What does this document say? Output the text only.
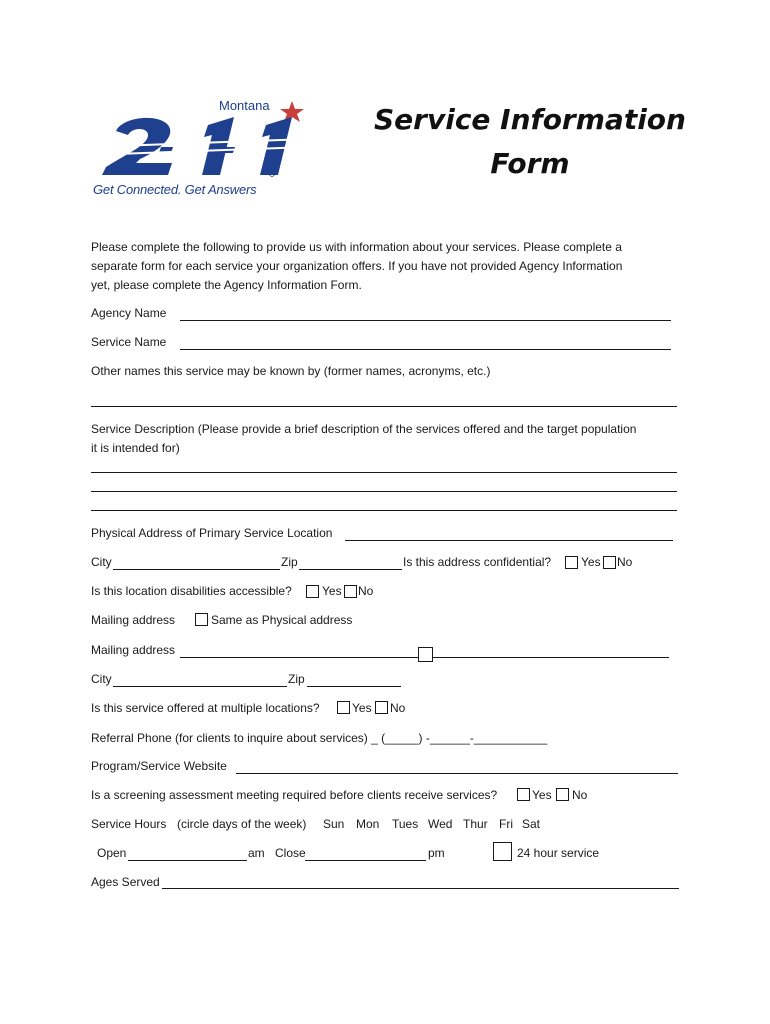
Montana
Get Connected. Get Answers
Service Information
Form
Please complete the following to provide us with information about your services. Please complete a
separate form for each service your organization offers. If you have not provided Agency Information
yet, please complete the Agency Information Form.
Agency Name
Service Name
Other names this service may be known by (former names, acronyms, etc.)
Service Description (Please provide a brief description of the services offered and the target population
it is intended for)
Physical Address of Primary Service Location
City	Zip	Is this address confidential? Yes No
Is this location disabilities accessible?	Yes No
Mailing address	Same as Physical address
Mailing address
City	Zip
Is this service offered at multiple locations?	Yes No
Referral Phone (for clients to inquire about services) _ (_____) -______-___________
Program/Service Website
Is a screening assessment meeting required before clients receive services?	Yes No
Service Hours (circle days of the week) Sun Mon Tues Wed Thur Fri Sat
Open	am Close	pm	24 hour service
Ages Served
